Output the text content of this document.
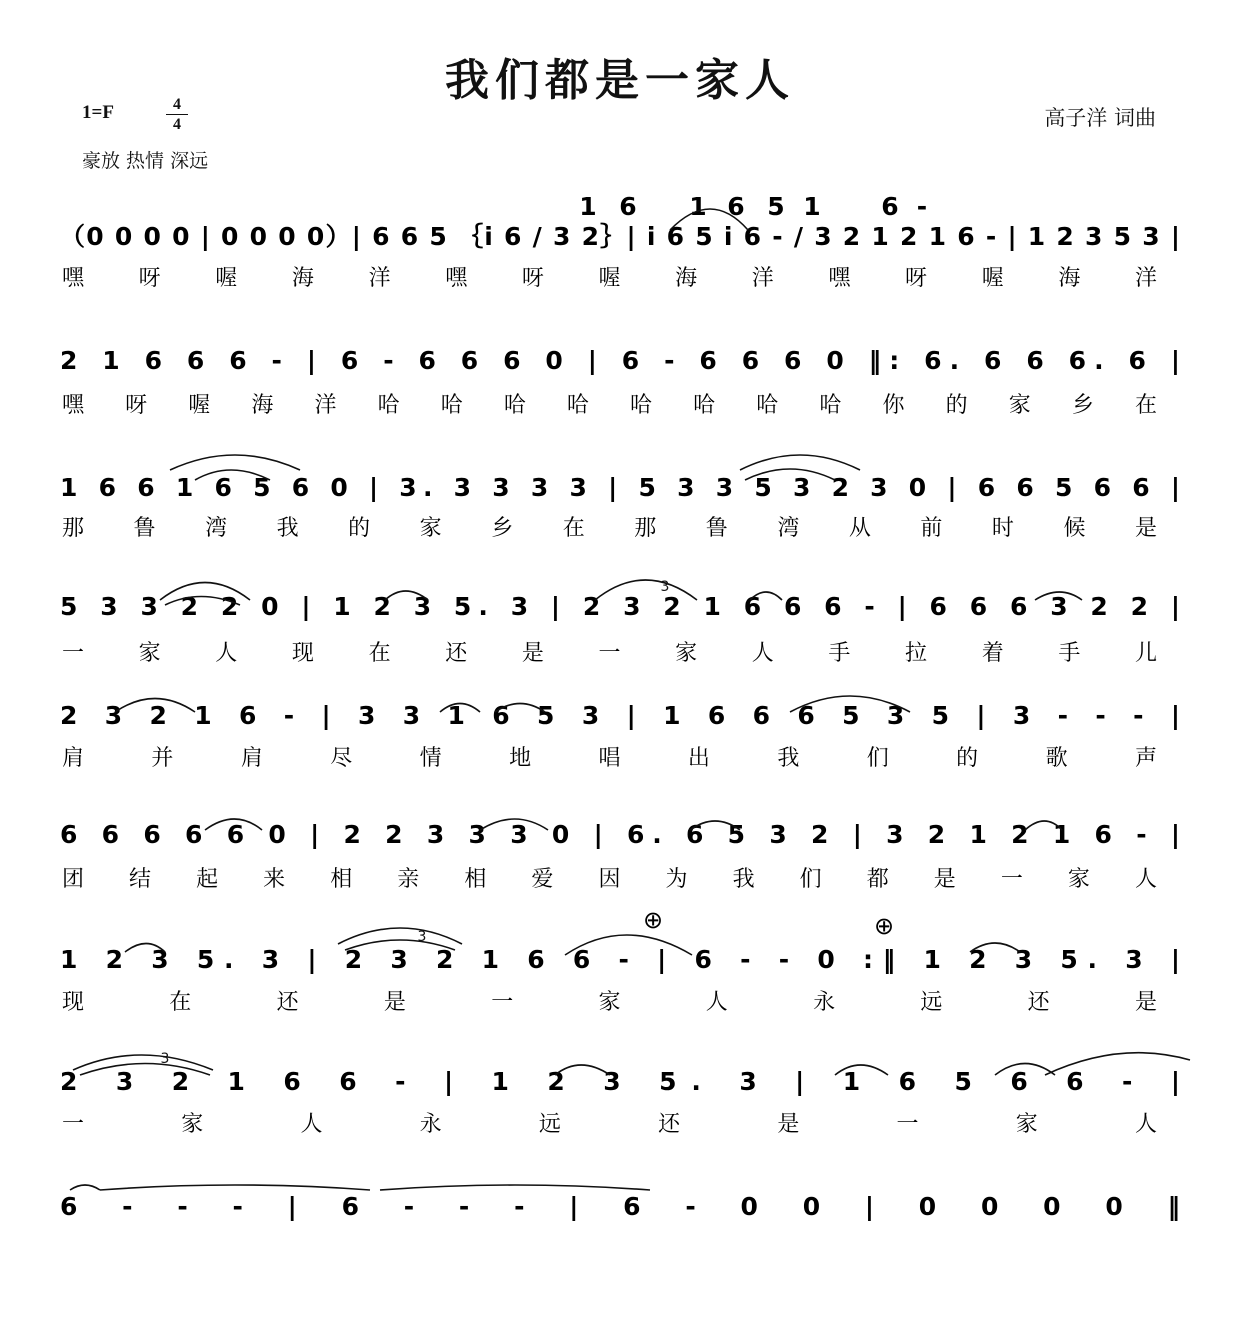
我们都是一家人
1=F	4
4	高子洋 词曲
豪放 热情 深远
1 6 1 6 5 1 6 -
（0 0 0 0 | 0 0 0 0）| 6 6 5 ｛i 6 / 3 2｝| i 6 5 i 6 - / 3 2 1 2 1 6 - | 1 2 3 5 3 |
嘿 呀 喔 海 洋 嘿 呀 喔 海 洋 嘿 呀 喔 海 洋
2 1 6 6 6 - | 6 - 6 6 6 0 | 6 - 6 6 6 0 ‖: 6. 6 6 6. 6 |
嘿 呀 喔 海 洋 哈 哈 哈 哈 哈 哈 哈 哈 你 的 家 乡 在
1 6 6 1 6 5 6 0 | 3. 3 3 3 3 | 5 3 3 5 3 2 3 0 | 6 6 5 6 6 |
那 鲁 湾 我 的 家 乡 在 那 鲁 湾 从 前 时 候 是
5 3 3 2 2 0 | 1 2 3 5. 3 | 2 3 2 1 6 6 6 - | 6 6 6 3 2 2 |
一 家 人 现 在 还 是 一 家 人 手 拉 着 手 儿
2 3 2 1 6 - | 3 3 1 6 5 3 | 1 6 6 6 5 3 5 | 3 - - - |
肩 并 肩 尽 情 地 唱 出 我 们 的 歌 声
6 6 6 6 6 0 | 2 2 3 3 3 0 | 6. 6 5 3 2 | 3 2 1 2 1 6 - |
团 结 起 来 相 亲 相 爱 因 为 我 们 都 是 一 家 人
1 2 3 5. 3 | 2 3 2 1 6 6 - | 6 - - 0 :‖ 1 2 3 5. 3 |
现 在 还 是 一 家 人 永 远 还 是
2 3 2 1 6 6 - | 1 2 3 5. 3 | 1 6 5 6 6 - |
一 家 人 永 远 还 是 一 家 人
6 - - - | 6 - - - | 6 - 0 0 | 0 0 0 0 ‖
⊕	⊕
3
3
3
